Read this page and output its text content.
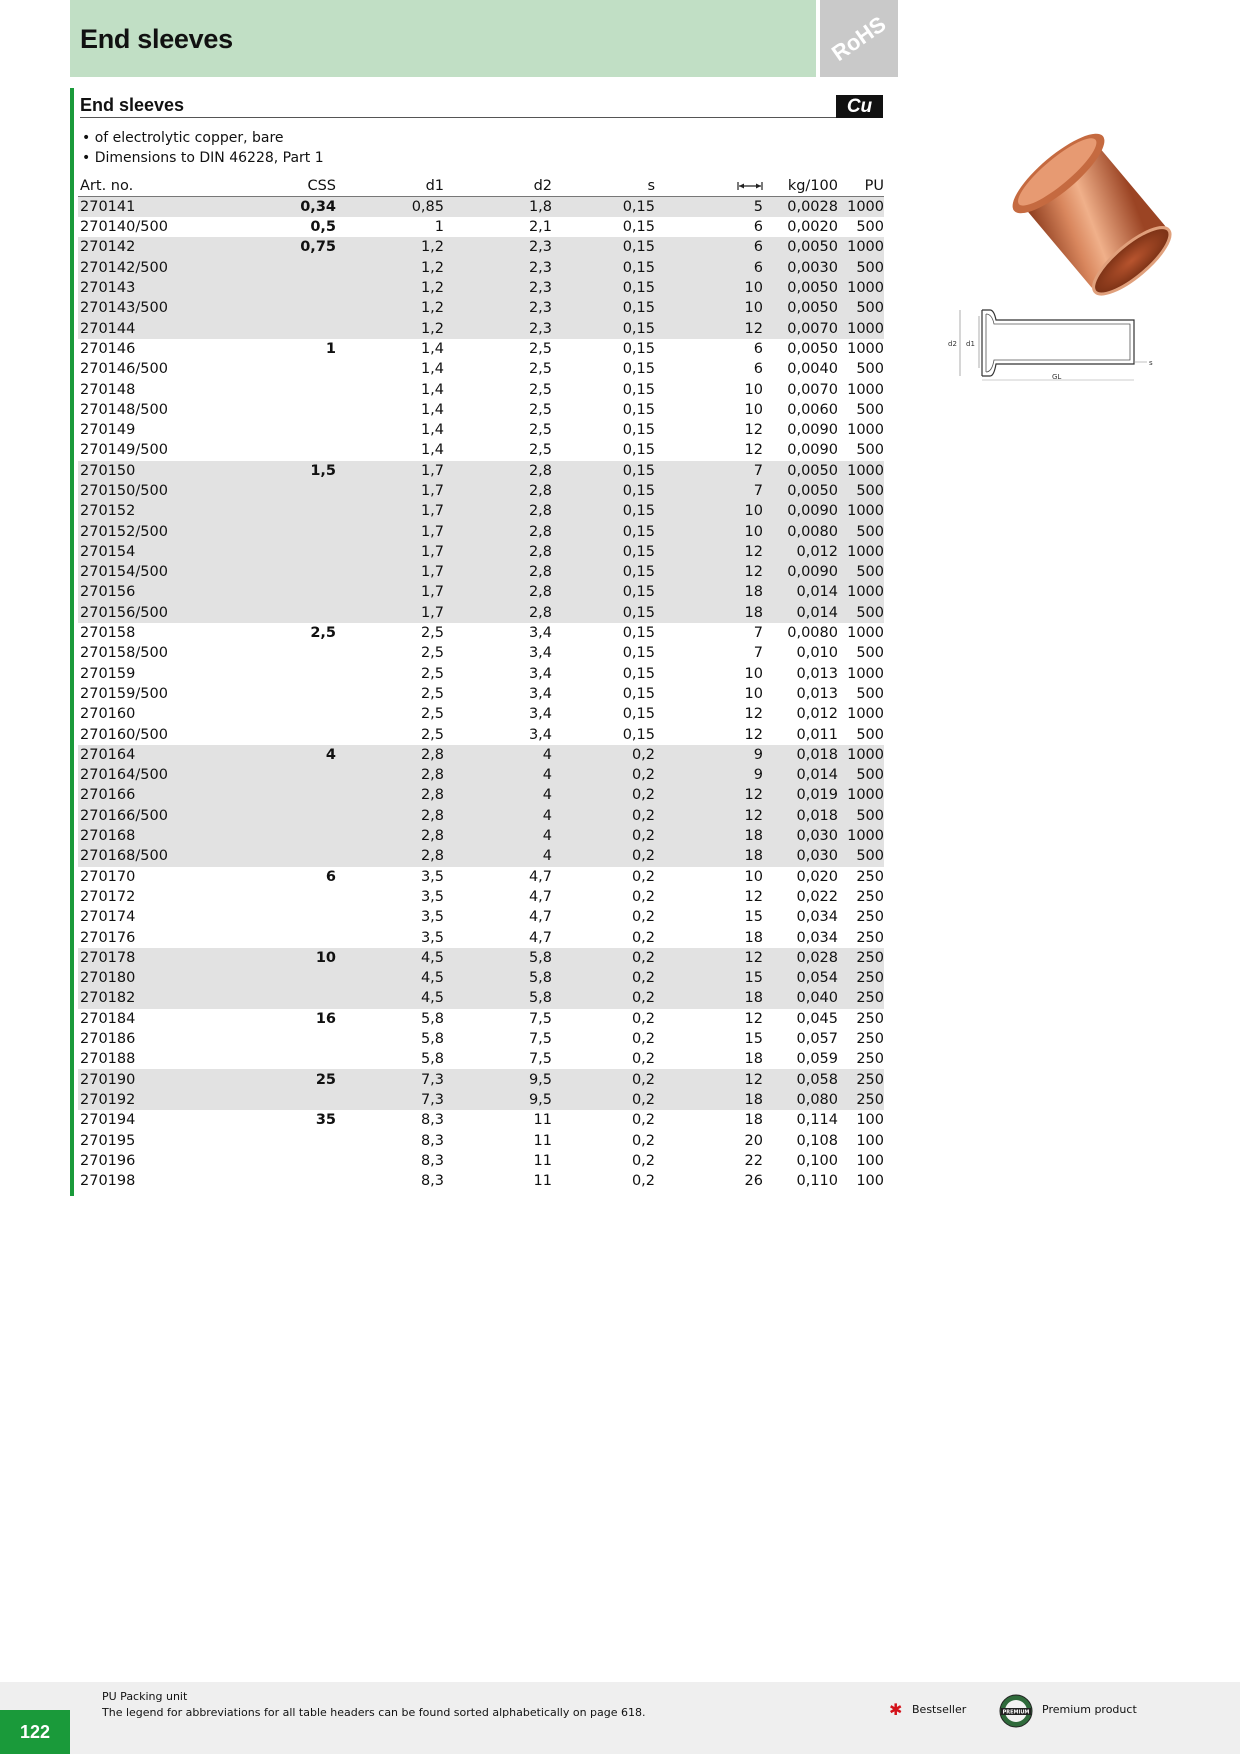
End sleeves	RoHS
End sleeves	Cu
• of electrolytic copper, bare
• Dimensions to DIN 46228, Part 1
Art. no.	CSS	d1	d2	s		kg/100	PU
270141	0,34	0,85	1,8	0,15	5	0,0028	1000
270140/500	0,5	1	2,1	0,15	6	0,0020	500
270142	0,75	1,2	2,3	0,15	6	0,0050	1000
270142/500		1,2	2,3	0,15	6	0,0030	500
270143		1,2	2,3	0,15	10	0,0050	1000
270143/500		1,2	2,3	0,15	10	0,0050	500
270144		1,2	2,3	0,15	12	0,0070	1000
270146	1	1,4	2,5	0,15	6	0,0050	1000
270146/500		1,4	2,5	0,15	6	0,0040	500
270148		1,4	2,5	0,15	10	0,0070	1000
270148/500		1,4	2,5	0,15	10	0,0060	500
270149		1,4	2,5	0,15	12	0,0090	1000
270149/500		1,4	2,5	0,15	12	0,0090	500
270150	1,5	1,7	2,8	0,15	7	0,0050	1000
270150/500		1,7	2,8	0,15	7	0,0050	500
270152		1,7	2,8	0,15	10	0,0090	1000
270152/500		1,7	2,8	0,15	10	0,0080	500
270154		1,7	2,8	0,15	12	0,012	1000
270154/500		1,7	2,8	0,15	12	0,0090	500
270156		1,7	2,8	0,15	18	0,014	1000
270156/500		1,7	2,8	0,15	18	0,014	500
270158	2,5	2,5	3,4	0,15	7	0,0080	1000
270158/500		2,5	3,4	0,15	7	0,010	500
270159		2,5	3,4	0,15	10	0,013	1000
270159/500		2,5	3,4	0,15	10	0,013	500
270160		2,5	3,4	0,15	12	0,012	1000
270160/500		2,5	3,4	0,15	12	0,011	500
270164	4	2,8	4	0,2	9	0,018	1000
270164/500		2,8	4	0,2	9	0,014	500
270166		2,8	4	0,2	12	0,019	1000
270166/500		2,8	4	0,2	12	0,018	500
270168		2,8	4	0,2	18	0,030	1000
270168/500		2,8	4	0,2	18	0,030	500
270170	6	3,5	4,7	0,2	10	0,020	250
270172		3,5	4,7	0,2	12	0,022	250
270174		3,5	4,7	0,2	15	0,034	250
270176		3,5	4,7	0,2	18	0,034	250
270178	10	4,5	5,8	0,2	12	0,028	250
270180		4,5	5,8	0,2	15	0,054	250
270182		4,5	5,8	0,2	18	0,040	250
270184	16	5,8	7,5	0,2	12	0,045	250
270186		5,8	7,5	0,2	15	0,057	250
270188		5,8	7,5	0,2	18	0,059	250
270190	25	7,3	9,5	0,2	12	0,058	250
270192		7,3	9,5	0,2	18	0,080	250
270194	35	8,3	11	0,2	18	0,114	100
270195		8,3	11	0,2	20	0,108	100
270196		8,3	11	0,2	22	0,100	100
270198		8,3	11	0,2	26	0,110	100
d2 d1
s
GL
122
PU Packing unit
The legend for abbreviations for all table headers can be found sorted alphabetically on page 618.	✱ Bestseller	PREMIUM Premium product
